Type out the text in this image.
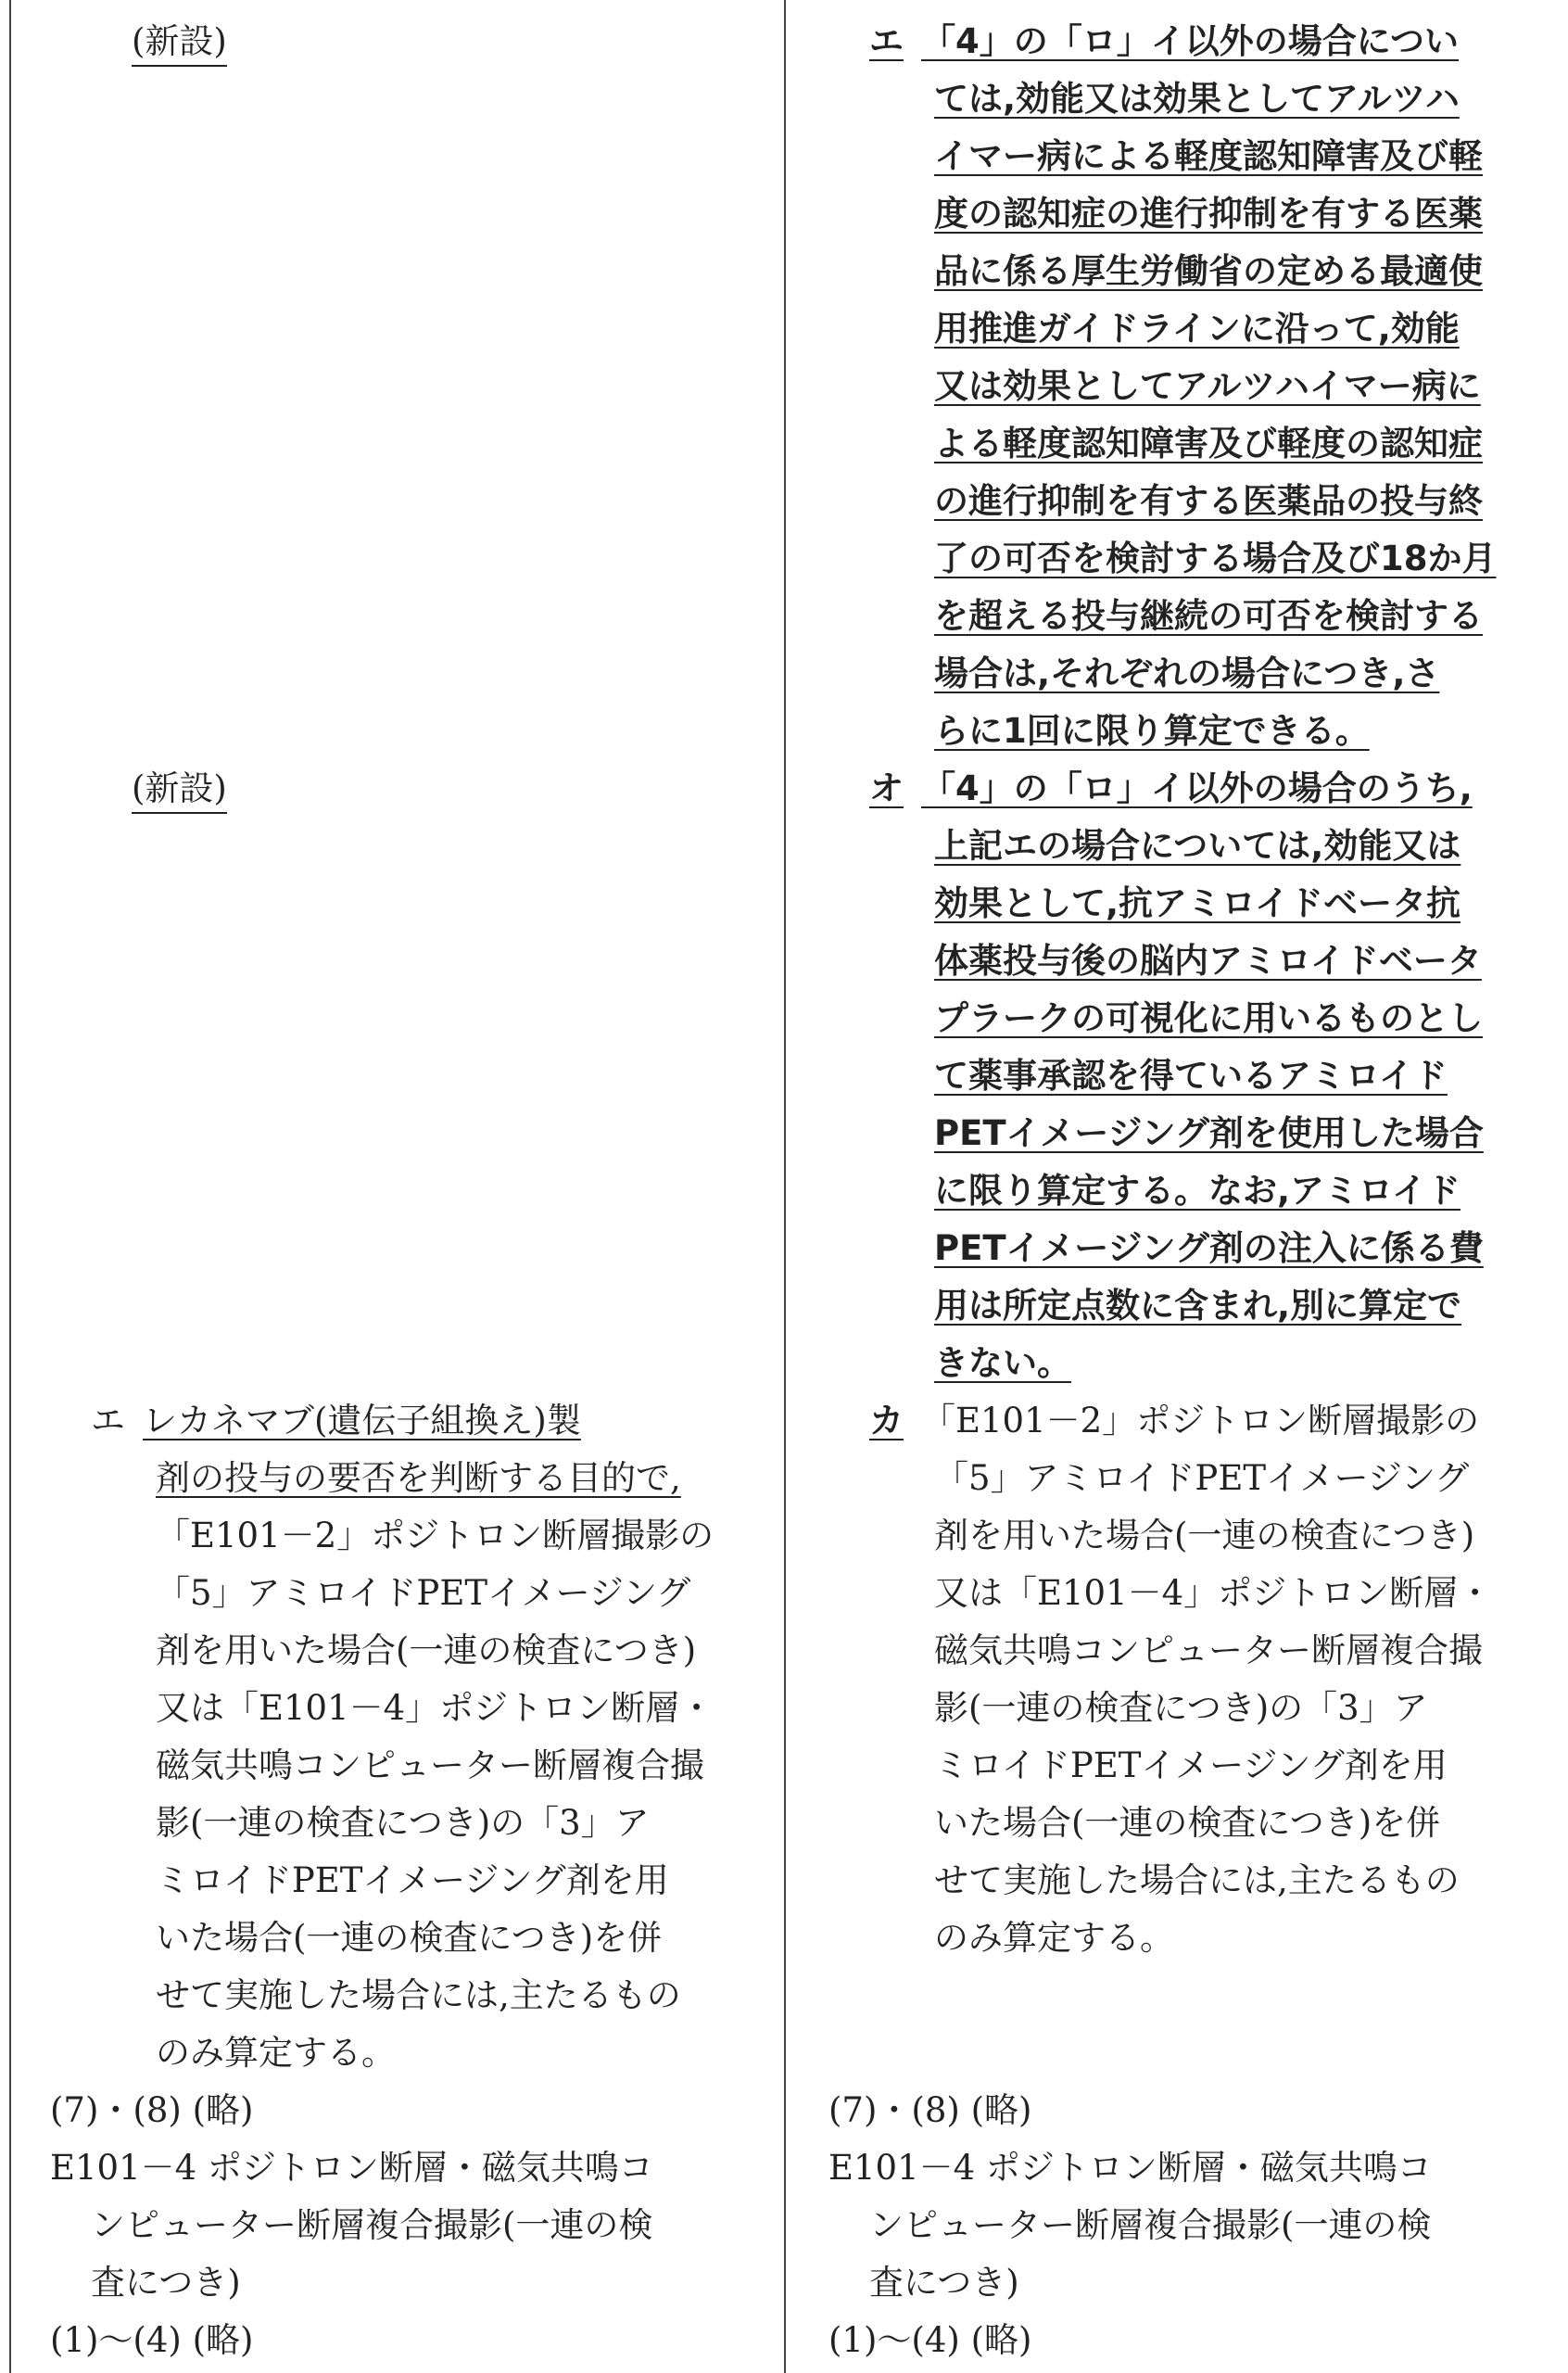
(新設)
(新設)
エ レカネマブ(遺伝子組換え)製
剤の投与の要否を判断する目的で,
「E101－2」ポジトロン断層撮影の
「5」アミロイドPETイメージング
剤を用いた場合(一連の検査につき)
又は「E101－4」ポジトロン断層・
磁気共鳴コンピューター断層複合撮
影(一連の検査につき)の「3」ア
ミロイドPETイメージング剤を用
いた場合(一連の検査につき)を併
せて実施した場合には,主たるもの
のみ算定する。
(7)・(8) (略)
E101－4 ポジトロン断層・磁気共鳴コ
ンピューター断層複合撮影(一連の検
査につき)
(1)～(4) (略)
エ 「4」の「ロ」イ以外の場合につい
ては,効能又は効果としてアルツハ
イマー病による軽度認知障害及び軽
度の認知症の進行抑制を有する医薬
品に係る厚生労働省の定める最適使
用推進ガイドラインに沿って,効能
又は効果としてアルツハイマー病に
よる軽度認知障害及び軽度の認知症
の進行抑制を有する医薬品の投与終
了の可否を検討する場合及び18か月
を超える投与継続の可否を検討する
場合は,それぞれの場合につき,さ
らに1回に限り算定できる。
オ 「4」の「ロ」イ以外の場合のうち,
上記エの場合については,効能又は
効果として,抗アミロイドベータ抗
体薬投与後の脳内アミロイドベータ
プラークの可視化に用いるものとし
て薬事承認を得ているアミロイド
PETイメージング剤を使用した場合
に限り算定する。なお,アミロイド
PETイメージング剤の注入に係る費
用は所定点数に含まれ,別に算定で
きない。
カ 「E101－2」ポジトロン断層撮影の
「5」アミロイドPETイメージング
剤を用いた場合(一連の検査につき)
又は「E101－4」ポジトロン断層・
磁気共鳴コンピューター断層複合撮
影(一連の検査につき)の「3」ア
ミロイドPETイメージング剤を用
いた場合(一連の検査につき)を併
せて実施した場合には,主たるもの
のみ算定する。
(7)・(8) (略)
E101－4 ポジトロン断層・磁気共鳴コ
ンピューター断層複合撮影(一連の検
査につき)
(1)～(4) (略)
